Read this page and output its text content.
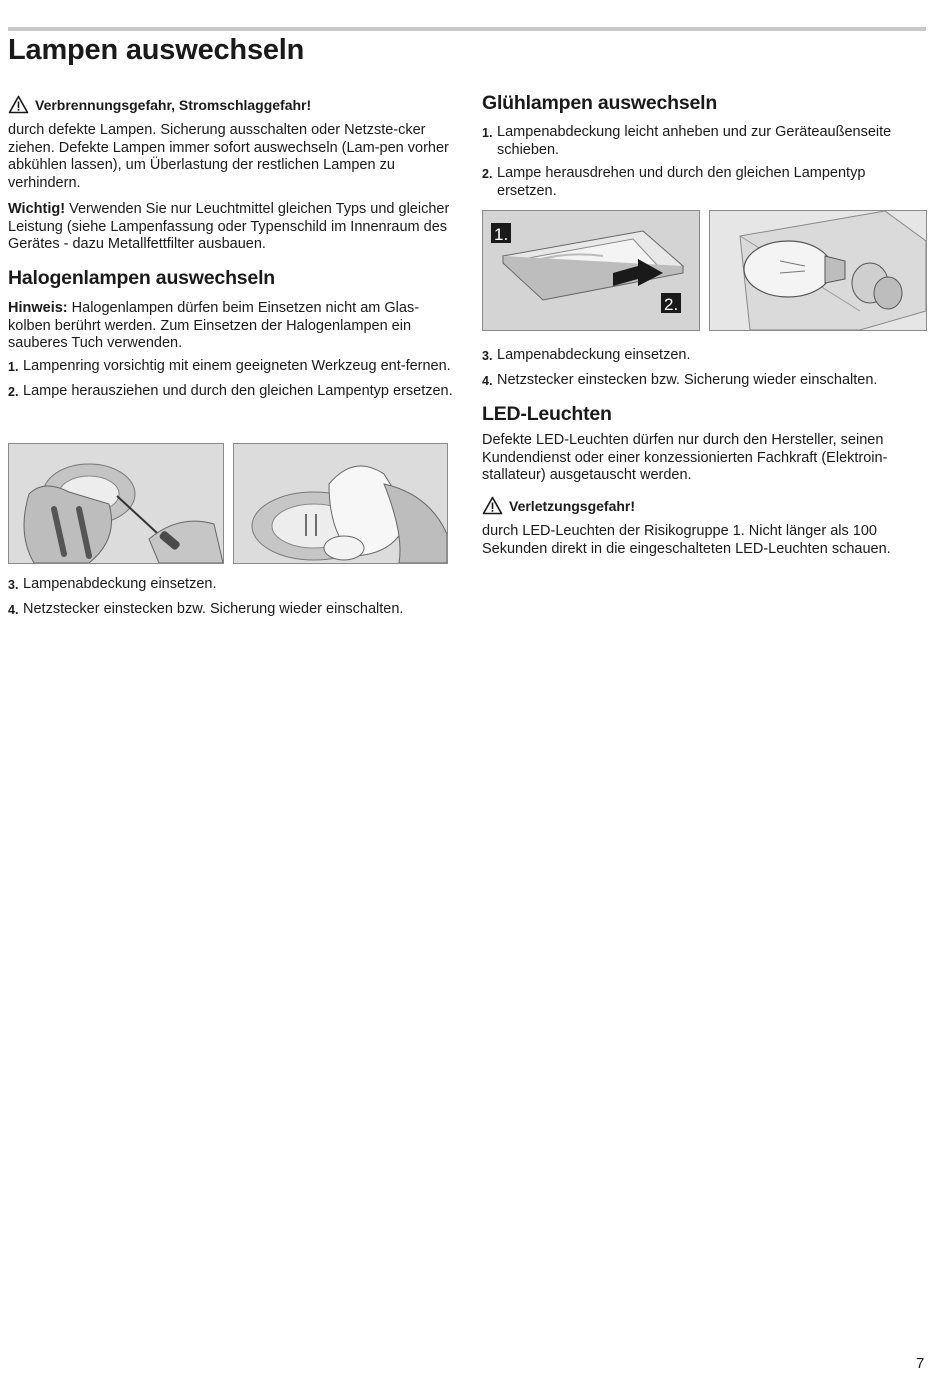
Lampen auswechseln
Verbrennungsgefahr, Stromschlaggefahr!

durch defekte Lampen. Sicherung ausschalten oder Netzste-cker ziehen. Defekte Lampen immer sofort auswechseln (Lam-pen vorher abkühlen lassen), um Überlastung der restlichen Lampen zu verhindern.

Wichtig! Verwenden Sie nur Leuchtmittel gleichen Typs und gleicher Leistung (siehe Lampenfassung oder Typenschild im Innenraum des Gerätes - dazu Metallfettfilter ausbauen.

Halogenlampen auswechseln

Hinweis: Halogenlampen dürfen beim Einsetzen nicht am Glas-kolben berührt werden. Zum Einsetzen der Halogenlampen ein sauberes Tuch verwenden.

1. Lampenring vorsichtig mit einem geeigneten Werkzeug ent-fernen.
2. Lampe herausziehen und durch den gleichen Lampentyp ersetzen.
3. Lampenabdeckung einsetzen.
4. Netzstecker einstecken bzw. Sicherung wieder einschalten.
Glühlampen auswechseln
1. Lampenabdeckung leicht anheben und zur Geräteaußenseite schieben.
2. Lampe herausdrehen und durch den gleichen Lampentyp ersetzen.
1.
2.
3. Lampenabdeckung einsetzen.
4. Netzstecker einstecken bzw. Sicherung wieder einschalten.
LED-Leuchten

Defekte LED-Leuchten dürfen nur durch den Hersteller, seinen Kundendienst oder einer konzessionierten Fachkraft (Elektroin-stallateur) ausgetauscht werden.

Verletzungsgefahr!

durch LED-Leuchten der Risikogruppe 1. Nicht länger als 100 Sekunden direkt in die eingeschalteten LED-Leuchten schauen.

7
